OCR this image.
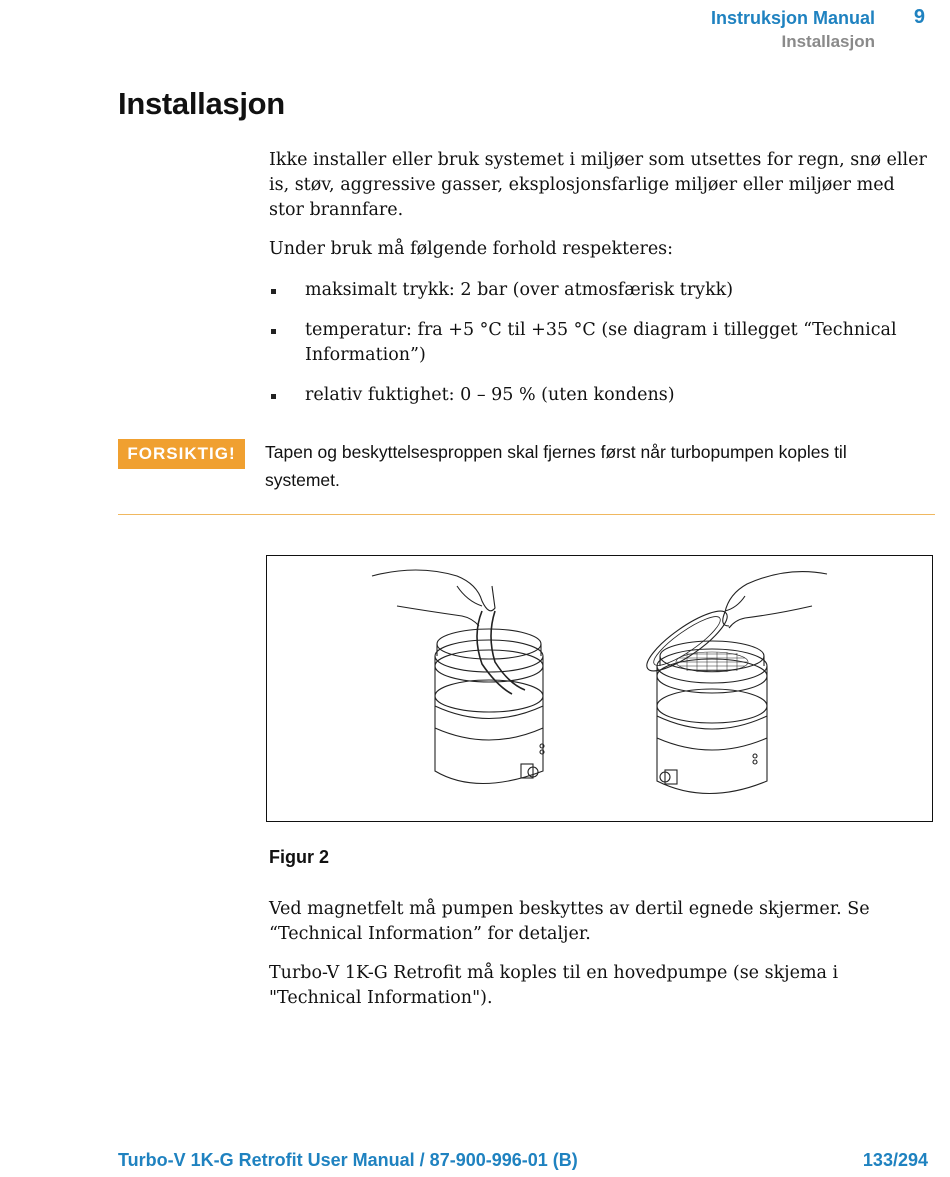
Instruksjon Manual
Installasjon
9
Installasjon

Ikke installer eller bruk systemet i miljøer som utsettes for regn, snø eller is, støv, aggressive gasser, eksplosjonsfarlige miljøer eller miljøer med stor brannfare.

Under bruk må følgende forhold respekteres:

maksimalt trykk: 2 bar (over atmosfærisk trykk)
temperatur: fra +5 °C til +35 °C (se diagram i tillegget “Technical Information”)
relativ fuktighet: 0 – 95 % (uten kondens)
FORSIKTIG!	Tapen og beskyttelsesproppen skal fjernes først når turbopumpen koples til systemet.

Figur 2

Ved magnetfelt må pumpen beskyttes av dertil egnede skjermer. Se “Technical Information” for detaljer.

Turbo-V 1K-G Retrofit må koples til en hovedpumpe (se skjema i "Technical Information").

Turbo-V 1K-G Retrofit User Manual / 87-900-996-01 (B)	133/294
